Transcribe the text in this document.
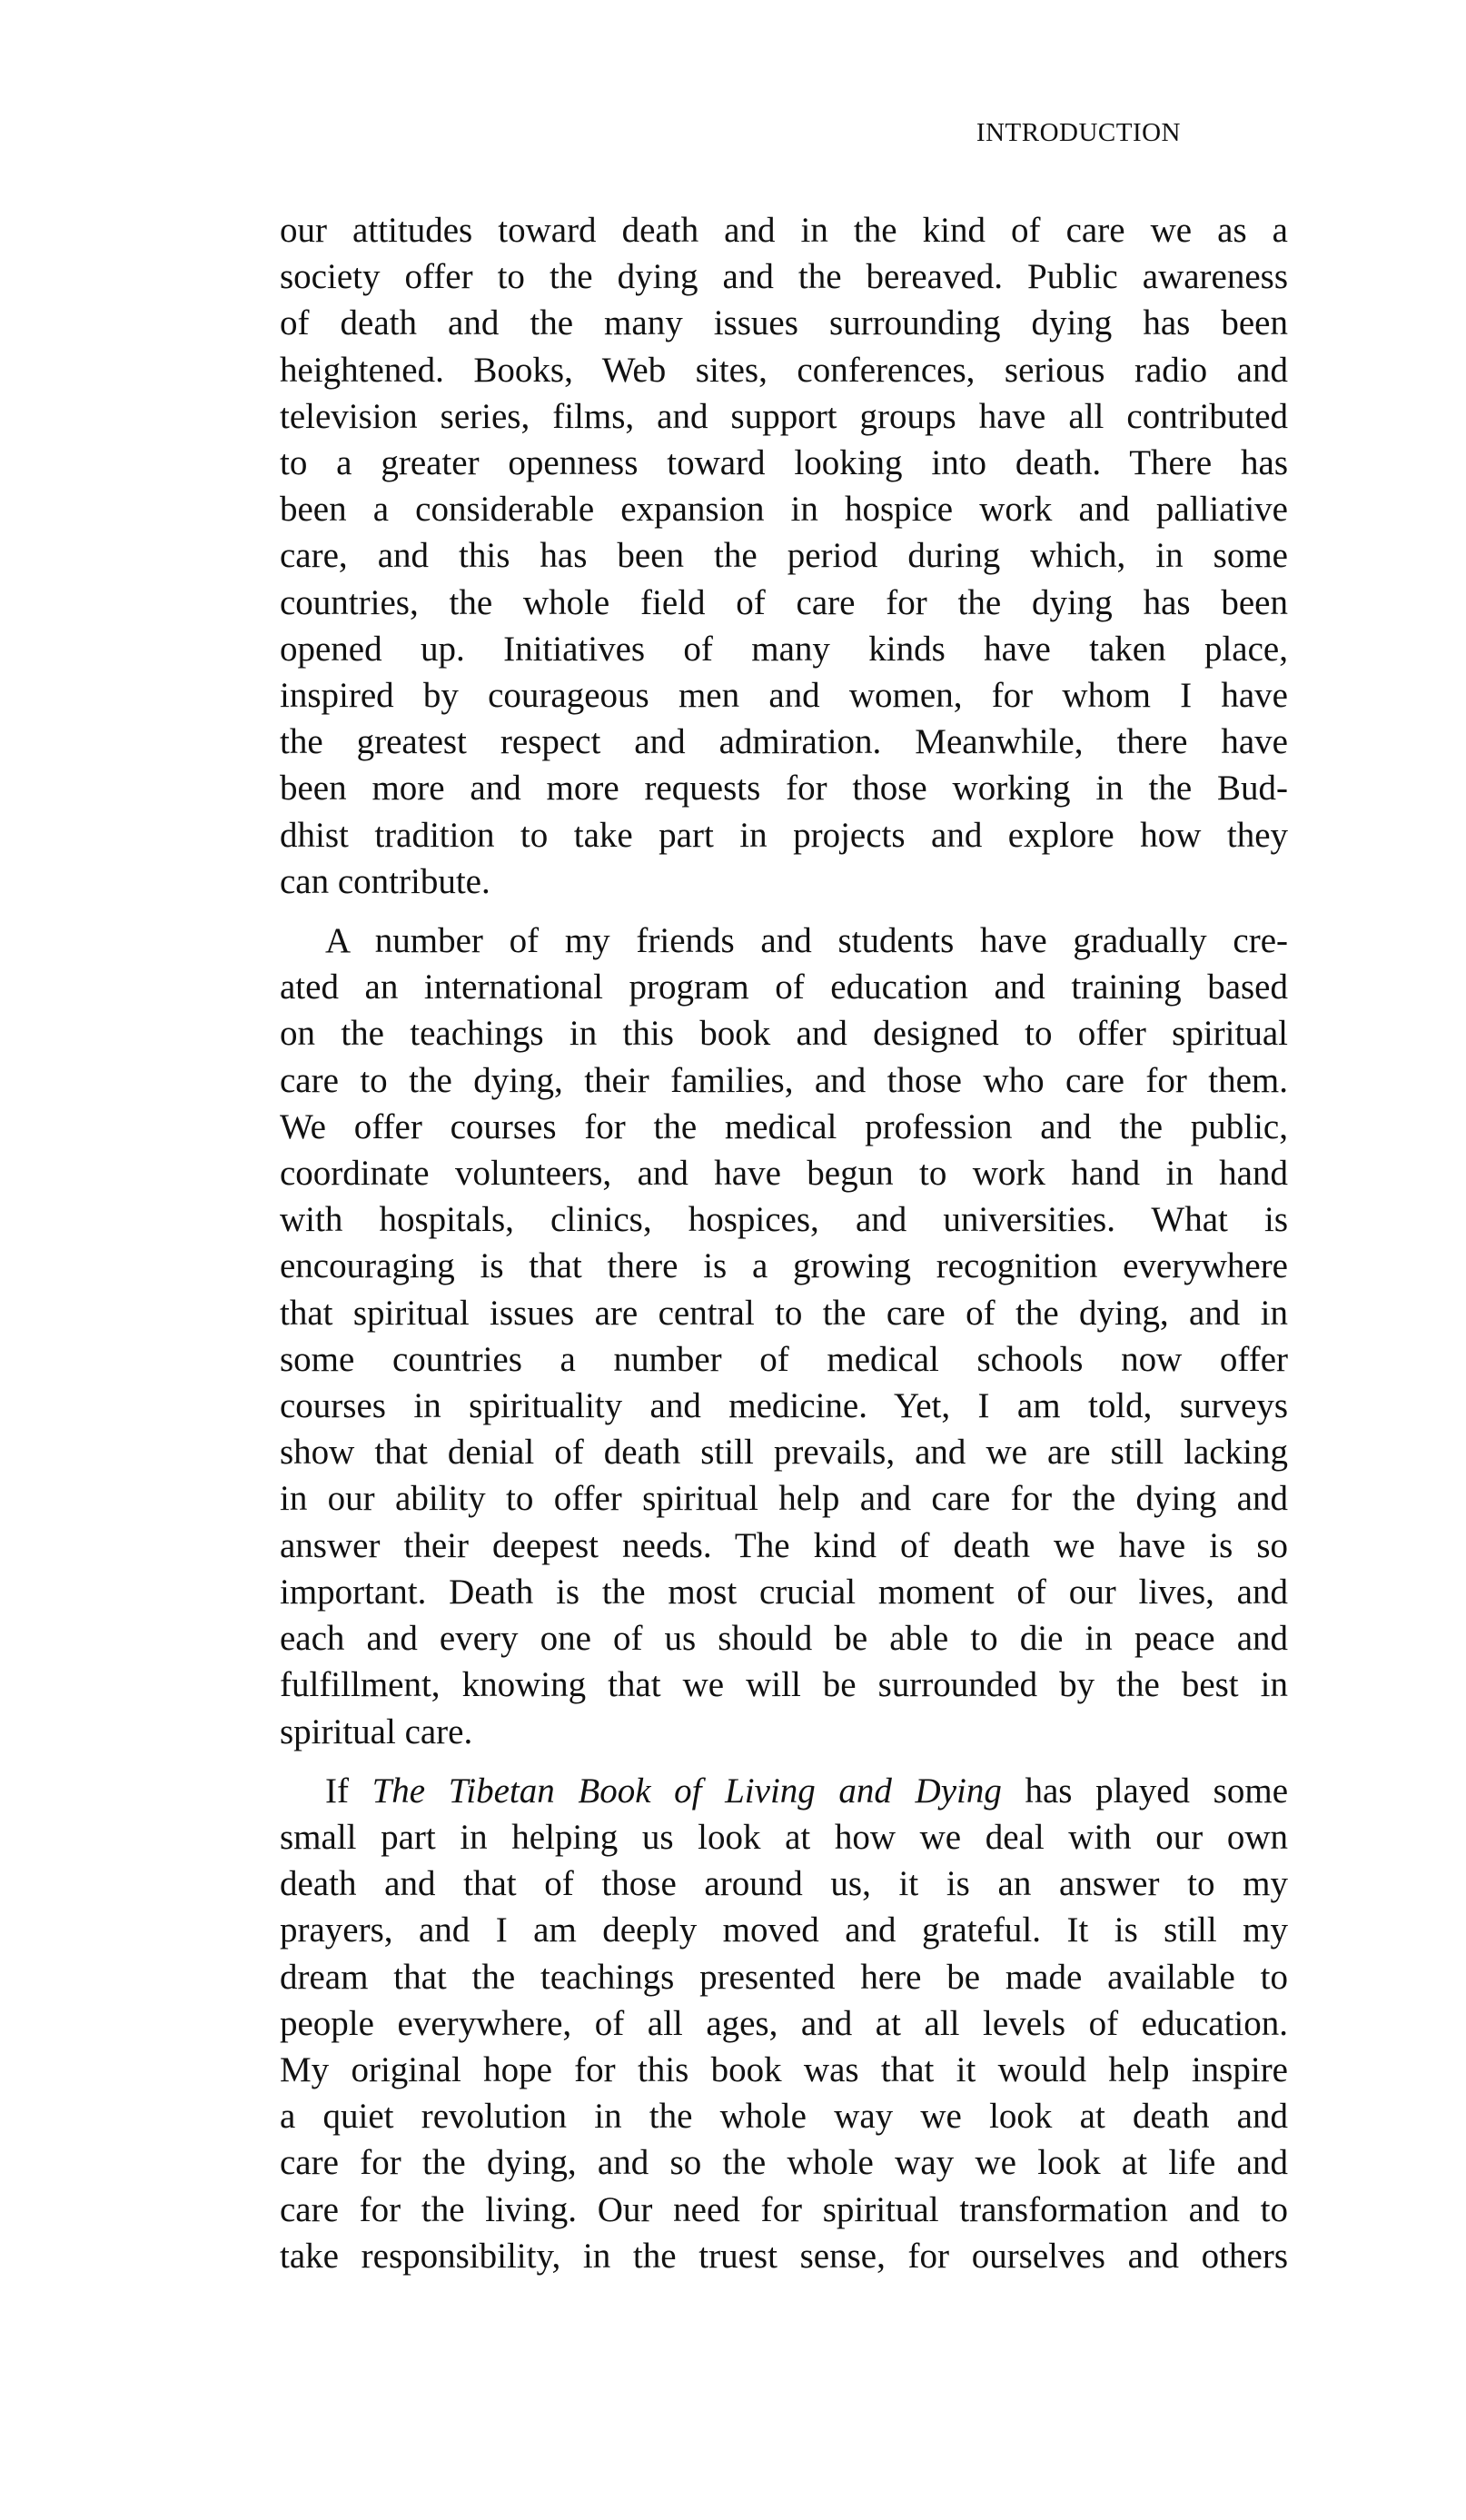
INTRODUCTION
our attitudes toward death and in the kind of care we as a
society offer to the dying and the bereaved. Public awareness
of death and the many issues surrounding dying has been
heightened. Books, Web sites, conferences, serious radio and
television series, films, and support groups have all contributed
to a greater openness toward looking into death. There has
been a considerable expansion in hospice work and palliative
care, and this has been the period during which, in some
countries, the whole field of care for the dying has been
opened up. Initiatives of many kinds have taken place,
inspired by courageous men and women, for whom I have
the greatest respect and admiration. Meanwhile, there have
been more and more requests for those working in the Bud-
dhist tradition to take part in projects and explore how they
can contribute.
A number of my friends and students have gradually cre-
ated an international program of education and training based
on the teachings in this book and designed to offer spiritual
care to the dying, their families, and those who care for them.
We offer courses for the medical profession and the public,
coordinate volunteers, and have begun to work hand in hand
with hospitals, clinics, hospices, and universities. What is
encouraging is that there is a growing recognition everywhere
that spiritual issues are central to the care of the dying, and in
some countries a number of medical schools now offer
courses in spirituality and medicine. Yet, I am told, surveys
show that denial of death still prevails, and we are still lacking
in our ability to offer spiritual help and care for the dying and
answer their deepest needs. The kind of death we have is so
important. Death is the most crucial moment of our lives, and
each and every one of us should be able to die in peace and
fulfillment, knowing that we will be surrounded by the best in
spiritual care.
If The Tibetan Book of Living and Dying has played some
small part in helping us look at how we deal with our own
death and that of those around us, it is an answer to my
prayers, and I am deeply moved and grateful. It is still my
dream that the teachings presented here be made available to
people everywhere, of all ages, and at all levels of education.
My original hope for this book was that it would help inspire
a quiet revolution in the whole way we look at death and
care for the dying, and so the whole way we look at life and
care for the living. Our need for spiritual transformation and to
take responsibility, in the truest sense, for ourselves and others
